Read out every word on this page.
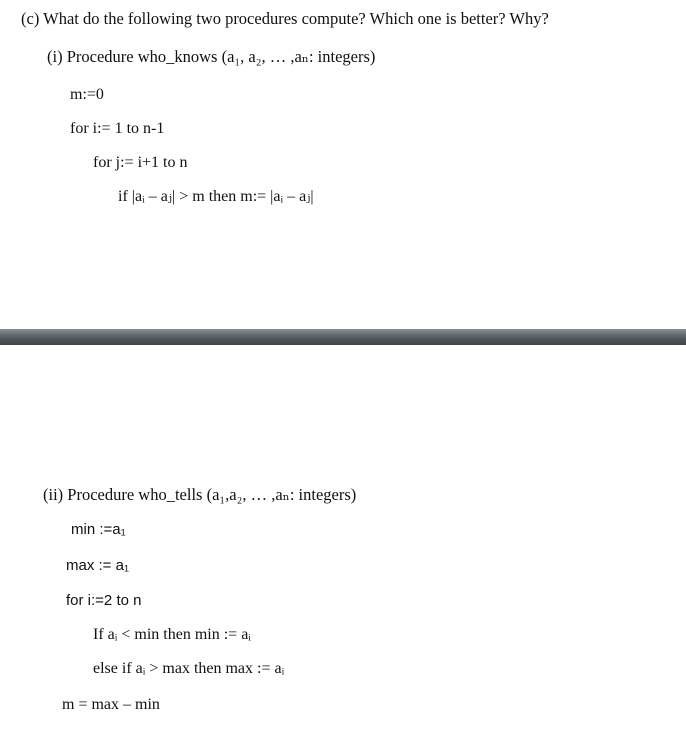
(c) What do the following two procedures compute? Which one is better? Why?
(i) Procedure who_knows (a₁, a₂, … ,aₙ: integers)
m:=0
for i:= 1 to n-1
for j:= i+1 to n
if |aᵢ – aⱼ| > m then m:= |aᵢ – aⱼ|
(ii) Procedure who_tells (a₁,a₂, … ,aₙ: integers)
min :=a₁
max := a₁
for i:=2 to n
If aᵢ < min then min := aᵢ
else if aᵢ > max then max := aᵢ
m = max – min
